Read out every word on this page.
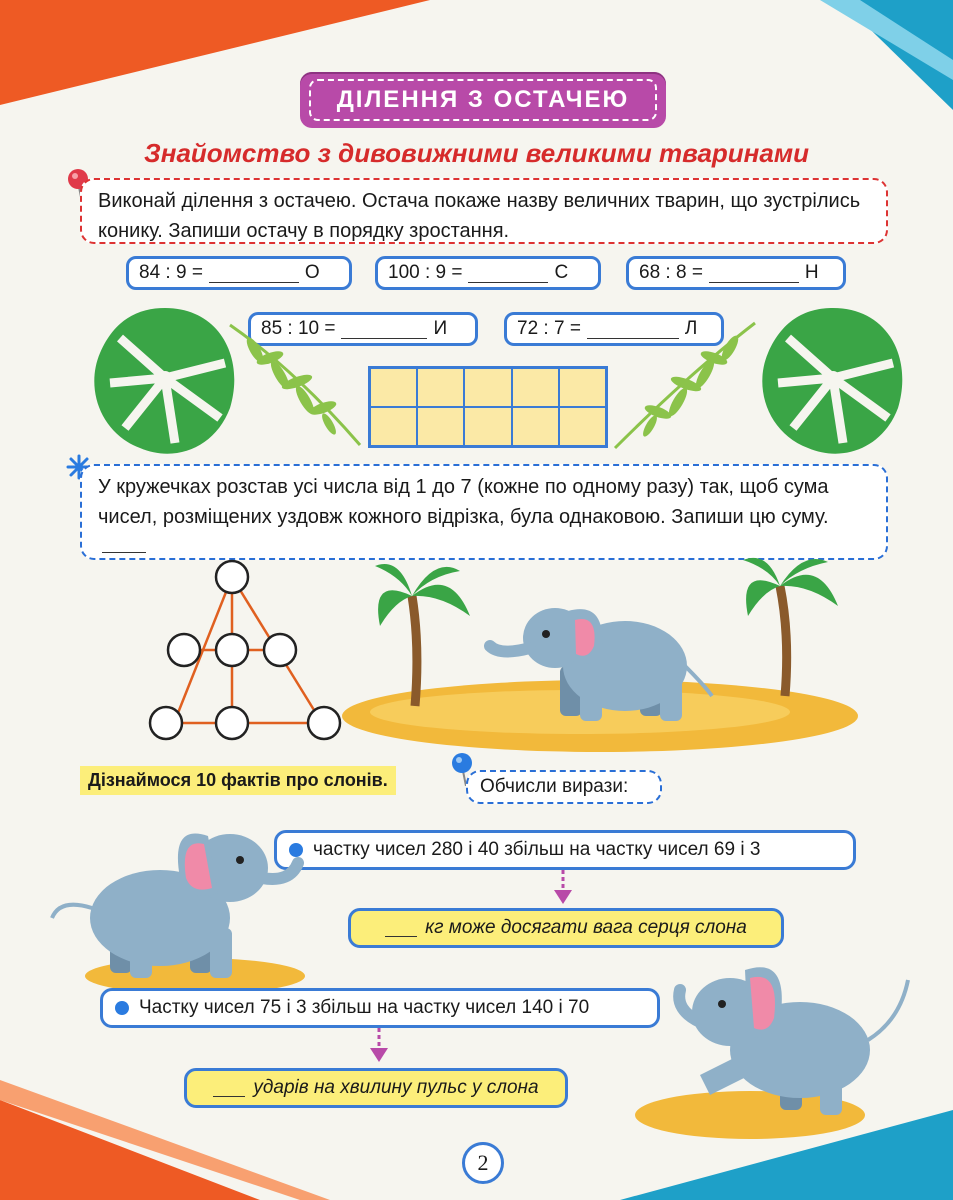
ДІЛЕННЯ З ОСТАЧЕЮ
Знайомство з дивовижними великими тваринами
Виконай ділення з остачею. Остача покаже назву величних тварин, що зустрілись конику. Запиши остачу в порядку зростання.
84 : 9 =	О	100 : 9 =	С	68 : 8 =	Н
85 : 10 =	И	72 : 7 =	Л
У кружечках розстав усі числа від 1 до 7 (кожне по одному разу) так, щоб сума чисел, розміщених уздовж кожного відрізка, була однаковою. Запиши цю суму.
Дізнаймося 10 фактів про слонів.	Обчисли вирази:
частку чисел 280 і 40 збільш на частку чисел 69 і 3
кг може досягати вага серця слона
Частку чисел 75 і 3 збільш на частку чисел 140 і 70
ударів на хвилину пульс у слона
2
